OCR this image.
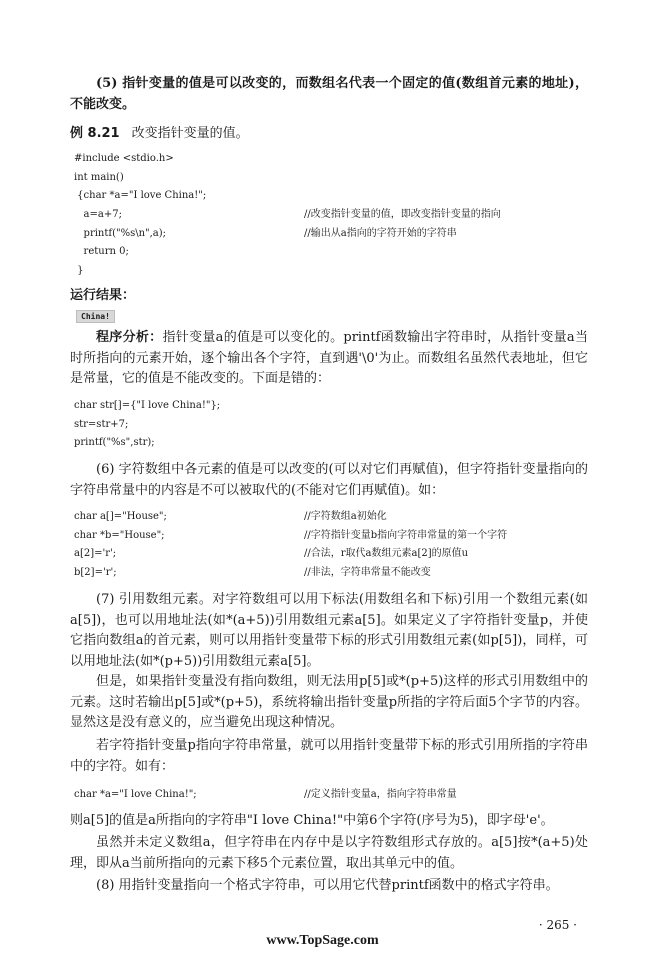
(5) 指针变量的值是可以改变的，而数组名代表一个固定的值(数组首元素的地址)，不能改变。

例 8.21 改变指针变量的值。
#include <stdio.h>
int main()
{char *a="I love China!";
a=a+7;	//改变指针变量的值，即改变指针变量的指向
printf("%s\n",a);	//输出从a指向的字符开始的字符串
return 0;
}
运行结果：
China!

程序分析：指针变量a的值是可以变化的。printf函数输出字符串时，从指针变量a当时所指向的元素开始，逐个输出各个字符，直到遇'\0'为止。而数组名虽然代表地址，但它是常量，它的值是不能改变的。下面是错的：

char str[]={"I love China!"};
str=str+7;
printf("%s",str);

(6) 字符数组中各元素的值是可以改变的(可以对它们再赋值)，但字符指针变量指向的字符串常量中的内容是不可以被取代的(不能对它们再赋值)。如：

char a[]="House";	//字符数组a初始化
char *b="House";	//字符指针变量b指向字符串常量的第一个字符
a[2]='r';	//合法，r取代a数组元素a[2]的原值u
b[2]='r';	//非法，字符串常量不能改变

(7) 引用数组元素。对字符数组可以用下标法(用数组名和下标)引用一个数组元素(如a[5])，也可以用地址法(如*(a+5))引用数组元素a[5]。如果定义了字符指针变量p，并使它指向数组a的首元素，则可以用指针变量带下标的形式引用数组元素(如p[5])，同样，可以用地址法(如*(p+5))引用数组元素a[5]。

但是，如果指针变量没有指向数组，则无法用p[5]或*(p+5)这样的形式引用数组中的元素。这时若输出p[5]或*(p+5)，系统将输出指针变量p所指的字符后面5个字节的内容。显然这是没有意义的，应当避免出现这种情况。

若字符指针变量p指向字符串常量，就可以用指针变量带下标的形式引用所指的字符串中的字符。如有：

char *a="I love China!";	//定义指针变量a，指向字符串常量

则a[5]的值是a所指向的字符串"I love China!"中第6个字符(序号为5)，即字母'e'。

虽然并未定义数组a，但字符串在内存中是以字符数组形式存放的。a[5]按*(a+5)处理，即从a当前所指向的元素下移5个元素位置，取出其单元中的值。

(8) 用指针变量指向一个格式字符串，可以用它代替printf函数中的格式字符串。

· 265 ·
www.TopSage.com
